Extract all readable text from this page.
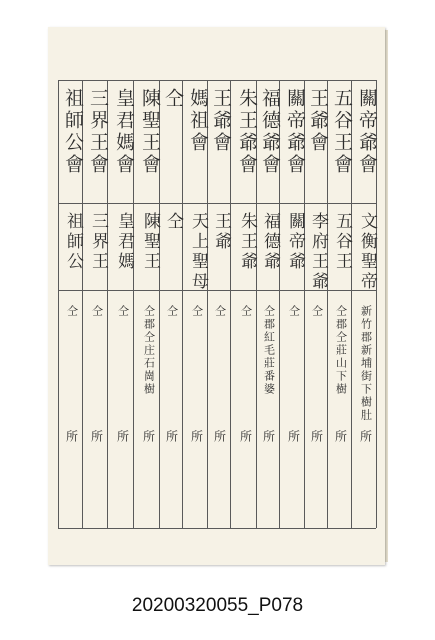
關帝爺會
文衡聖帝
新竹郡新埔街下樹肚
所
五谷王會
五谷王
仝郡仝莊山下樹
所
王爺會
李府王爺
仝
所
關帝爺會
關帝爺
仝
所
福德爺會
福德爺
仝郡紅毛莊番婆
所
朱王爺會
朱王爺
仝
所
王爺會
王爺
仝
所
媽祖會
天上聖母
仝
所
仝
仝
仝
所
陳聖王會
陳聖王
仝郡仝庄石崗樹
所
皇君媽會
皇君媽
仝
所
三界王會
三界王
仝
所
祖師公會
祖師公
仝
所
20200320055_P078
